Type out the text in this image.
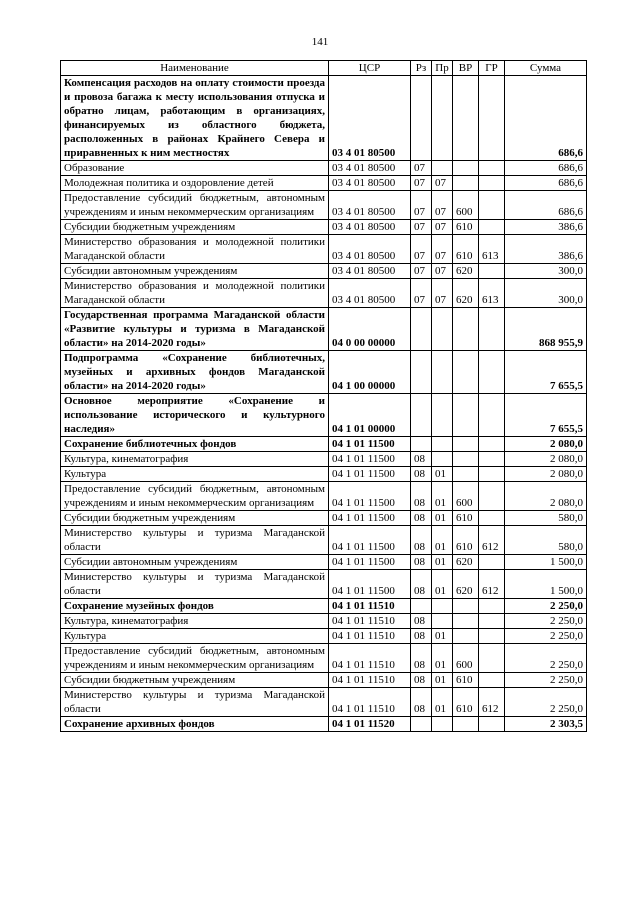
141
Наименование	ЦСР	Рз	Пр	ВР	ГР	Сумма
Компенсация расходов на оплату стоимости проезда и провоза багажа к месту использования отпуска и обратно лицам, работающим в организациях, финансируемых из областного бюджета, расположенных в районах Крайнего Севера и приравненных к ним местностях	03 4 01 80500					686,6
Образование	03 4 01 80500	07				686,6
Молодежная политика и оздоровление детей	03 4 01 80500	07	07			686,6
Предоставление субсидий бюджетным, автономным учреждениям и иным некоммерческим организациям	03 4 01 80500	07	07	600		686,6
Субсидии бюджетным учреждениям	03 4 01 80500	07	07	610		386,6
Министерство образования и молодежной политики Магаданской области	03 4 01 80500	07	07	610	613	386,6
Субсидии автономным учреждениям	03 4 01 80500	07	07	620		300,0
Министерство образования и молодежной политики Магаданской области	03 4 01 80500	07	07	620	613	300,0
Государственная программа Магаданской области «Развитие культуры и туризма в Магаданской области» на 2014-2020 годы»	04 0 00 00000					868 955,9
Подпрограмма «Сохранение библиотечных, музейных и архивных фондов Магаданской области» на 2014-2020 годы»	04 1 00 00000					7 655,5
Основное мероприятие «Сохранение и использование исторического и культурного наследия»	04 1 01 00000					7 655,5
Сохранение библиотечных фондов	04 1 01 11500					2 080,0
Культура, кинематография	04 1 01 11500	08				2 080,0
Культура	04 1 01 11500	08	01			2 080,0
Предоставление субсидий бюджетным, автономным учреждениям и иным некоммерческим организациям	04 1 01 11500	08	01	600		2 080,0
Субсидии бюджетным учреждениям	04 1 01 11500	08	01	610		580,0
Министерство культуры и туризма Магаданской области	04 1 01 11500	08	01	610	612	580,0
Субсидии автономным учреждениям	04 1 01 11500	08	01	620		1 500,0
Министерство культуры и туризма Магаданской области	04 1 01 11500	08	01	620	612	1 500,0
Сохранение музейных фондов	04 1 01 11510					2 250,0
Культура, кинематография	04 1 01 11510	08				2 250,0
Культура	04 1 01 11510	08	01			2 250,0
Предоставление субсидий бюджетным, автономным учреждениям и иным некоммерческим организациям	04 1 01 11510	08	01	600		2 250,0
Субсидии бюджетным учреждениям	04 1 01 11510	08	01	610		2 250,0
Министерство культуры и туризма Магаданской области	04 1 01 11510	08	01	610	612	2 250,0
Сохранение архивных фондов	04 1 01 11520					2 303,5
